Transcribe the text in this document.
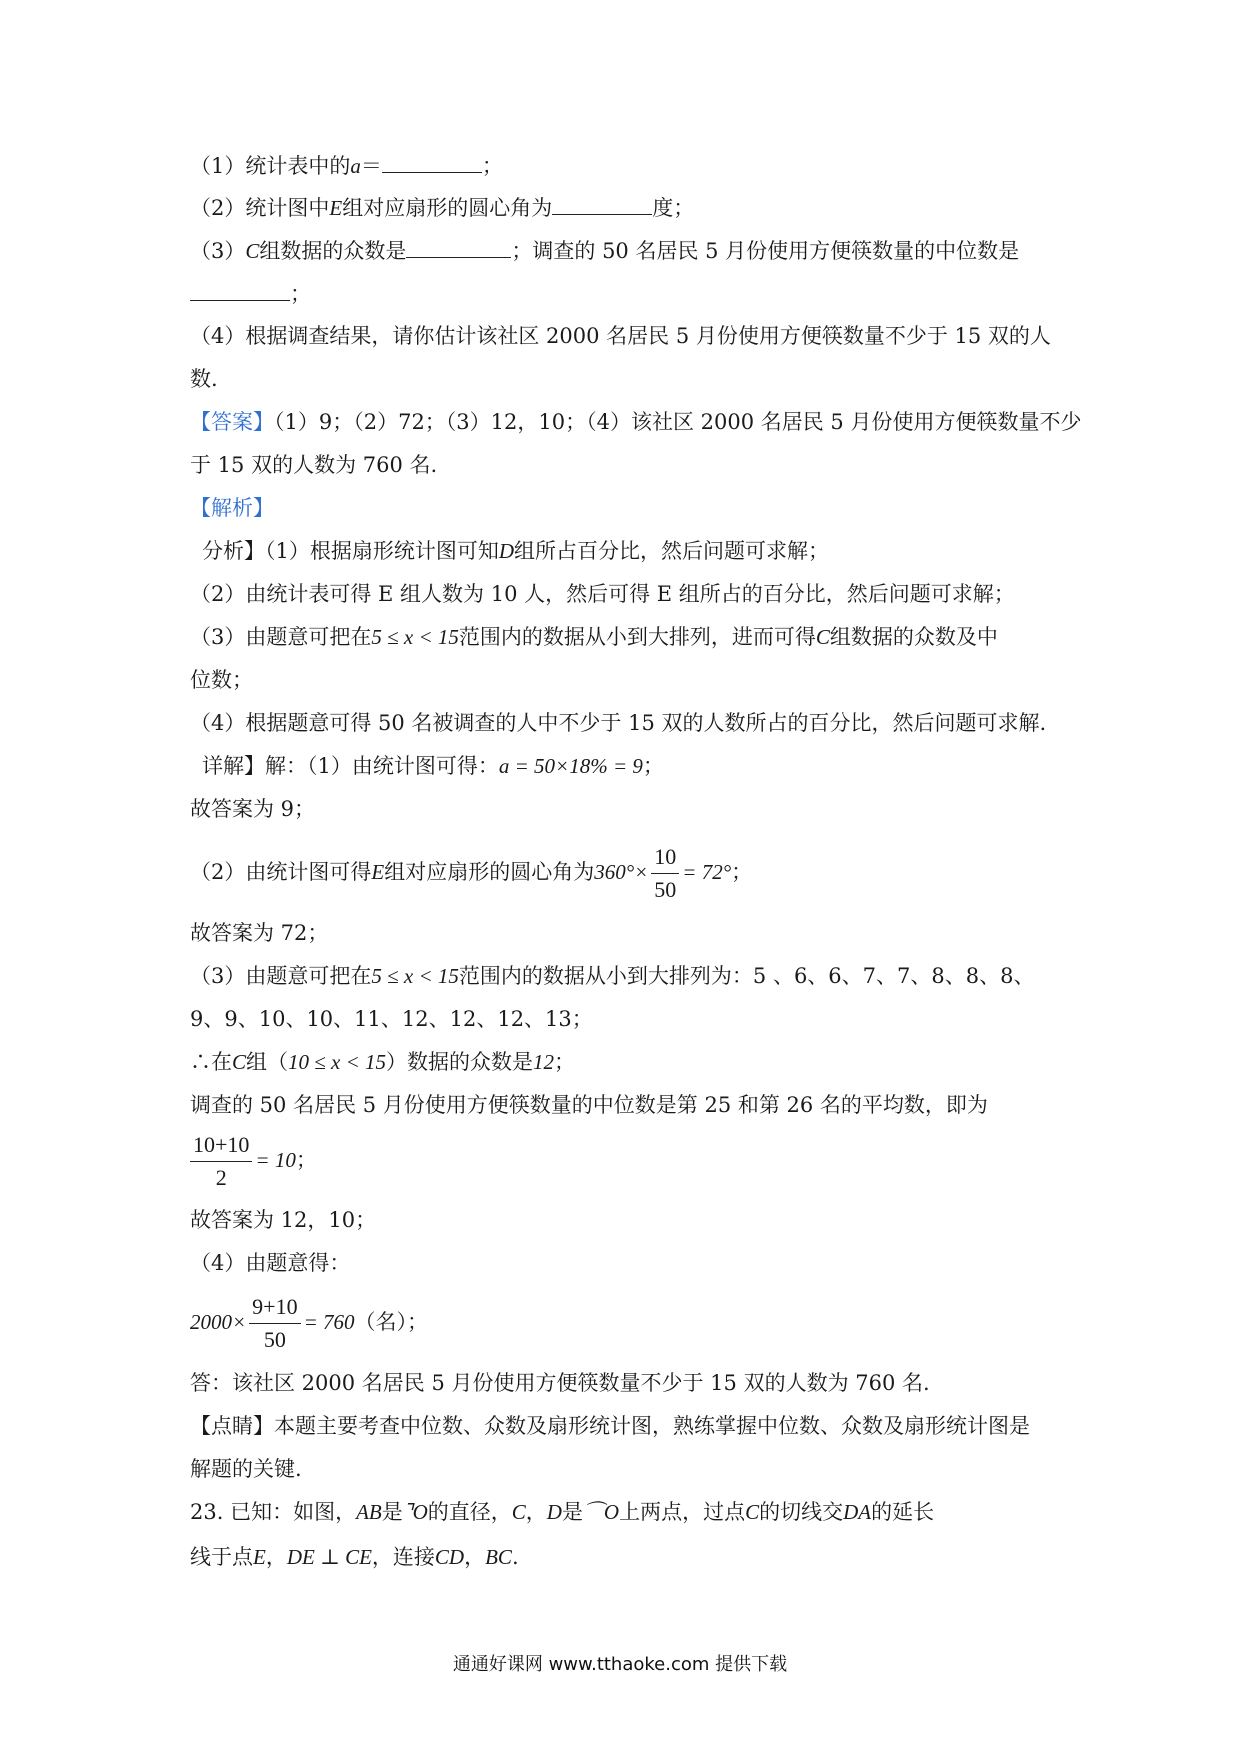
（1）统计表中的a＝	；
（2）统计图中E组对应扇形的圆心角为	度；
（3）C组数据的众数是	；调查的 50 名居民 5 月份使用方便筷数量的中位数是
；
（4）根据调查结果，请你估计该社区 2000 名居民 5 月份使用方便筷数量不少于 15 双的人
数.
【答案】（1）9；（2）72；（3）12，10；（4）该社区 2000 名居民 5 月份使用方便筷数量不少
于 15 双的人数为 760 名.
【解析】
分析】（1）根据扇形统计图可知D组所占百分比，然后问题可求解；
（2）由统计表可得 E 组人数为 10 人，然后可得 E 组所占的百分比，然后问题可求解；
（3）由题意可把在5 ≤ x < 15范围内的数据从小到大排列，进而可得C组数据的众数及中
位数；
（4）根据题意可得 50 名被调查的人中不少于 15 双的人数所占的百分比，然后问题可求解.
详解】解：（1）由统计图可得：a = 50×18% = 9；
故答案为 9；
（2）由统计图可得E组对应扇形的圆心角为$360^\circ\times \frac{10}{50} = 72^\circ$；
故答案为 72；
（3）由题意可把在5 ≤ x < 15范围内的数据从小到大排列为：5 、6、6、7、7、8、8、8、
9、9、10、10、11、12、12、12、13；
∴在C组（10 ≤ x < 15）数据的众数是12；
调查的 50 名居民 5 月份使用方便筷数量的中位数是第 25 和第 26 名的平均数，即为
$\frac{10+10}{2} = 10$；
故答案为 12，10；
（4）由题意得：
$2000\times \frac{9+10}{50} = 760$（名）；
答：该社区 2000 名居民 5 月份使用方便筷数量不少于 15 双的人数为 760 名.
【点睛】本题主要考查中位数、众数及扇形统计图，熟练掌握中位数、众数及扇形统计图是
解题的关键.
23. 已知：如图，AB是⌝O的直径，C，D是⌒O上两点，过点C的切线交DA的延长
线于点E，DE ⊥ CE，连接CD，BC.
通通好课网 www.tthaoke.com 提供下载
